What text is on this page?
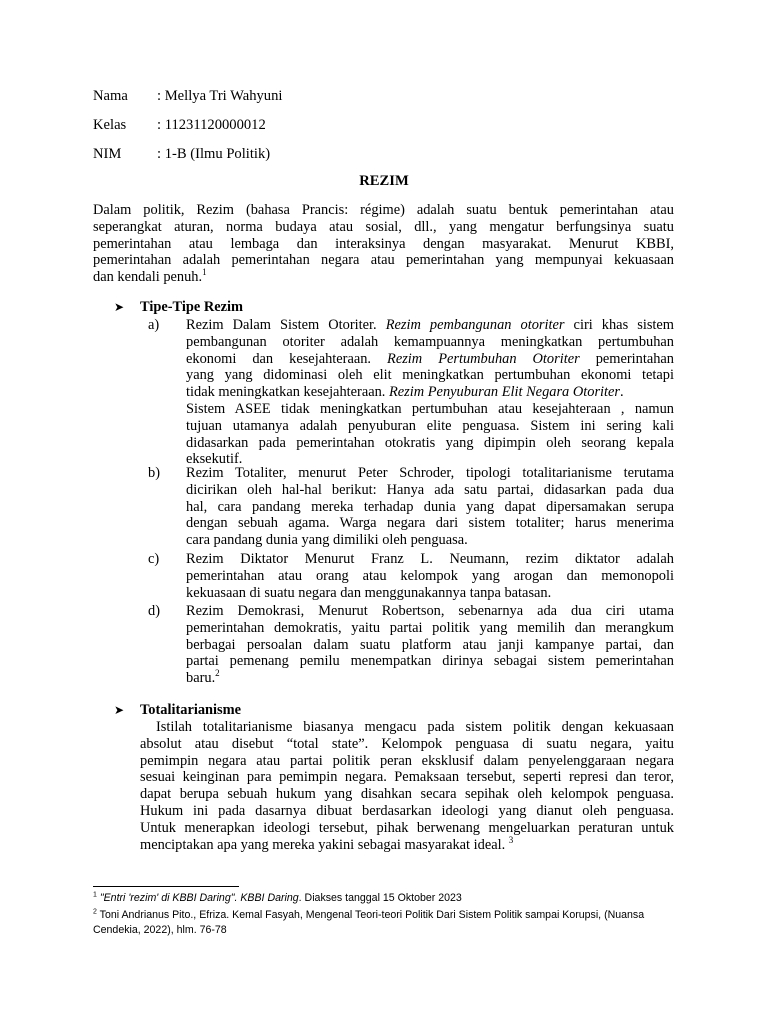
Nama : Mellya Tri Wahyuni
Kelas : 11231120000012
NIM : 1-B (Ilmu Politik)
REZIM
Dalam politik, Rezim (bahasa Prancis: régime) adalah suatu bentuk pemerintahan atau
seperangkat aturan, norma budaya atau sosial, dll., yang mengatur berfungsinya suatu
pemerintahan atau lembaga dan interaksinya dengan masyarakat. Menurut KBBI,
pemerintahan adalah pemerintahan negara atau pemerintahan yang mempunyai kekuasaan
dan kendali penuh.$^1$
➤ Tipe-Tipe Rezim
a) Rezim Dalam Sistem Otoriter. Rezim pembangunan otoriter ciri khas sistem
pembangunan otoriter adalah kemampuannya meningkatkan pertumbuhan
ekonomi dan kesejahteraan. Rezim Pertumbuhan Otoriter pemerintahan
yang yang didominasi oleh elit meningkatkan pertumbuhan ekonomi tetapi
tidak meningkatkan kesejahteraan. Rezim Penyuburan Elit Negara Otoriter.
Sistem ASEE tidak meningkatkan pertumbuhan atau kesejahteraan , namun
tujuan utamanya adalah penyuburan elite penguasa. Sistem ini sering kali
didasarkan pada pemerintahan otokratis yang dipimpin oleh seorang kepala
eksekutif.
b) Rezim Totaliter, menurut Peter Schroder, tipologi totalitarianisme terutama
dicirikan oleh hal-hal berikut: Hanya ada satu partai, didasarkan pada dua
hal, cara pandang mereka terhadap dunia yang dapat dipersamakan serupa
dengan sebuah agama. Warga negara dari sistem totaliter; harus menerima
cara pandang dunia yang dimiliki oleh penguasa.
c) Rezim Diktator Menurut Franz L. Neumann, rezim diktator adalah
pemerintahan atau orang atau kelompok yang arogan dan memonopoli
kekuasaan di suatu negara dan menggunakannya tanpa batasan.
d) Rezim Demokrasi, Menurut Robertson, sebenarnya ada dua ciri utama
pemerintahan demokratis, yaitu partai politik yang memilih dan merangkum
berbagai persoalan dalam suatu platform atau janji kampanye partai, dan
partai pemenang pemilu menempatkan dirinya sebagai sistem pemerintahan
baru.$^2$
➤ Totalitarianisme
Istilah totalitarianisme biasanya mengacu pada sistem politik dengan kekuasaan
absolut atau disebut “total state”. Kelompok penguasa di suatu negara, yaitu
pemimpin negara atau partai politik peran eksklusif dalam penyelenggaraan negara
sesuai keinginan para pemimpin negara. Pemaksaan tersebut, seperti represi dan teror,
dapat berupa sebuah hukum yang disahkan secara sepihak oleh kelompok penguasa.
Hukum ini pada dasarnya dibuat berdasarkan ideologi yang dianut oleh penguasa.
Untuk menerapkan ideologi tersebut, pihak berwenang mengeluarkan peraturan untuk
menciptakan apa yang mereka yakini sebagai masyarakat ideal. $^3$
$^1$ "Entri 'rezim' di KBBI Daring". KBBI Daring. Diakses tanggal 15 Oktober 2023
$^2$ Toni Andrianus Pito., Efriza. Kemal Fasyah, Mengenal Teori-teori Politik Dari Sistem Politik sampai Korupsi, (Nuansa
Cendekia, 2022), hlm. 76-78
